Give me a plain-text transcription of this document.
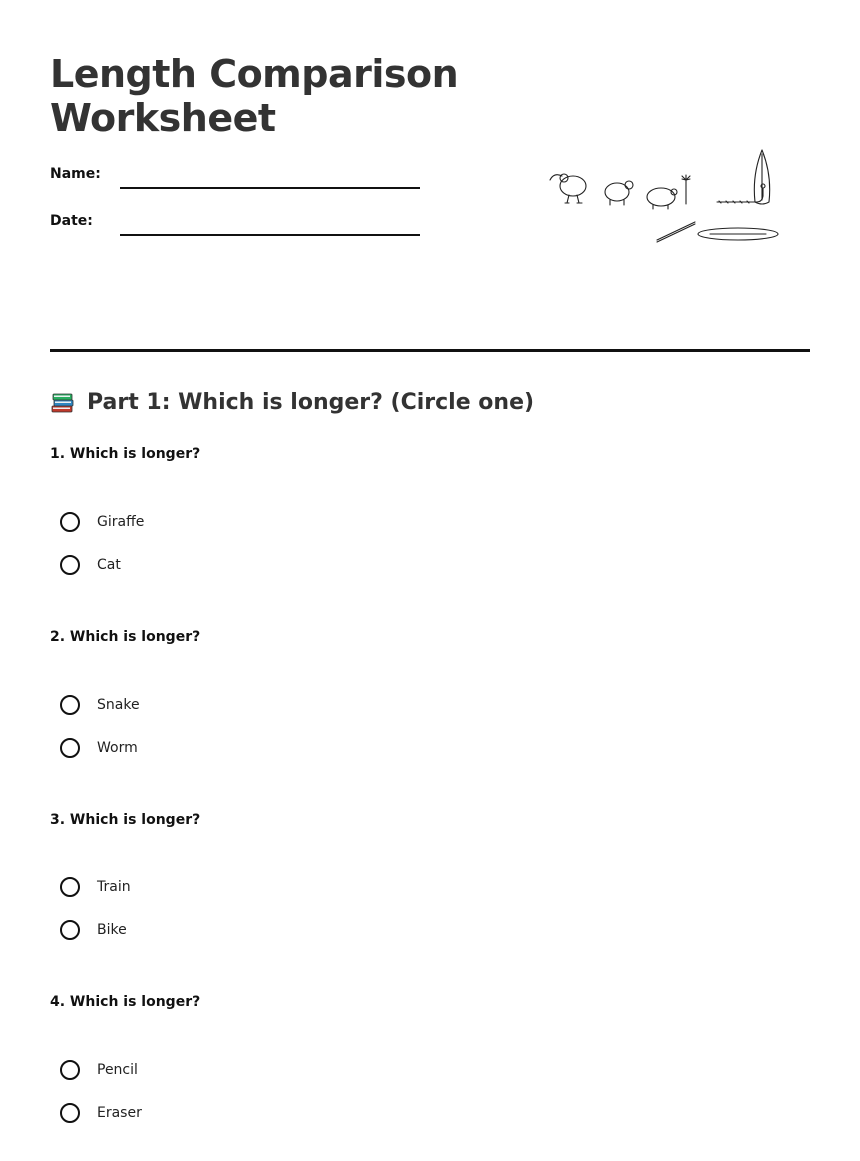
Length Comparison Worksheet
Name:
Date:
Part 1: Which is longer? (Circle one)
1. Which is longer?
Giraffe
Cat
2. Which is longer?
Snake
Worm
3. Which is longer?
Train
Bike
4. Which is longer?
Pencil
Eraser
